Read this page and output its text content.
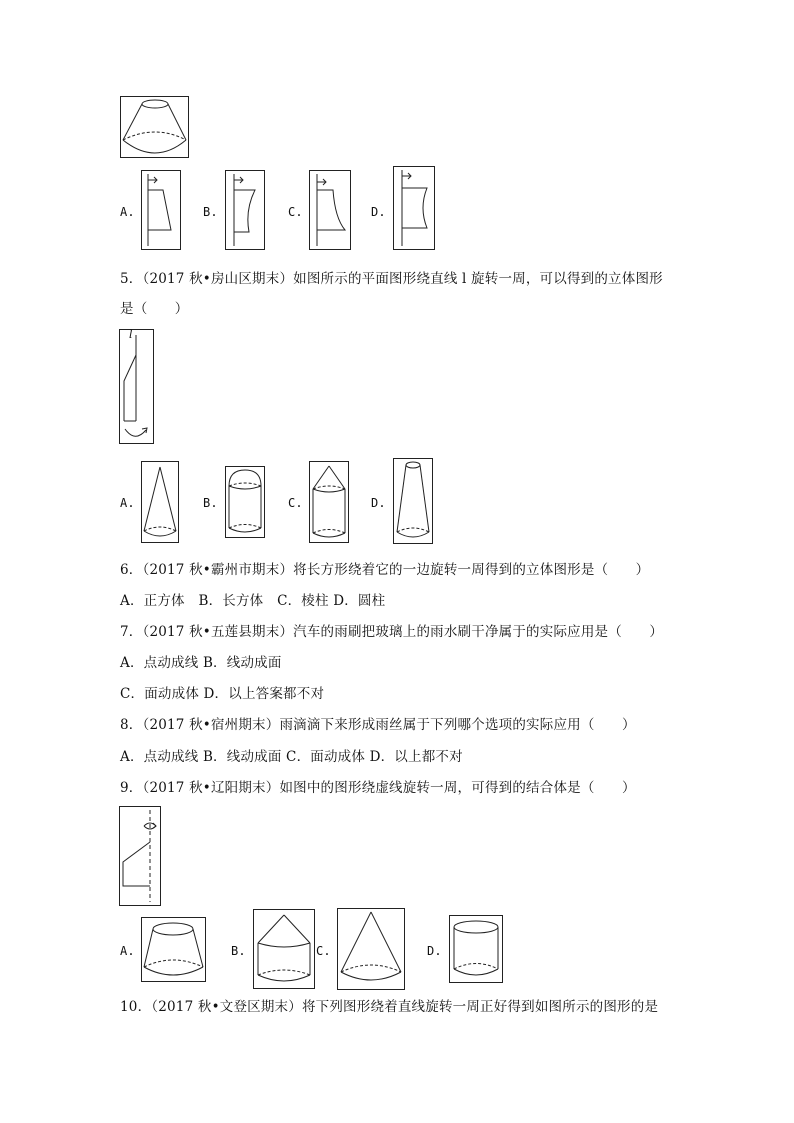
A.	B.	C.	D.
5．（2017 秋•房山区期末）如图所示的平面图形绕直线 l 旋转一周，可以得到的立体图形
是（　　）
l
A.	B.	C.	D.
6．（2017 秋•霸州市期末）将长方形绕着它的一边旋转一周得到的立体图形是（　　）
A．正方体　B．长方体　C．棱柱 D．圆柱
7．（2017 秋•五莲县期末）汽车的雨刷把玻璃上的雨水刷干净属于的实际应用是（　　）
A．点动成线 B．线动成面
C．面动成体 D．以上答案都不对
8．（2017 秋•宿州期末）雨滴滴下来形成雨丝属于下列哪个选项的实际应用（　　）
A．点动成线 B．线动成面 C．面动成体 D．以上都不对
9．（2017 秋•辽阳期末）如图中的图形绕虚线旋转一周，可得到的结合体是（　　）
A.	B.	C.	D.
10．（2017 秋•文登区期末）将下列图形绕着直线旋转一周正好得到如图所示的图形的是
